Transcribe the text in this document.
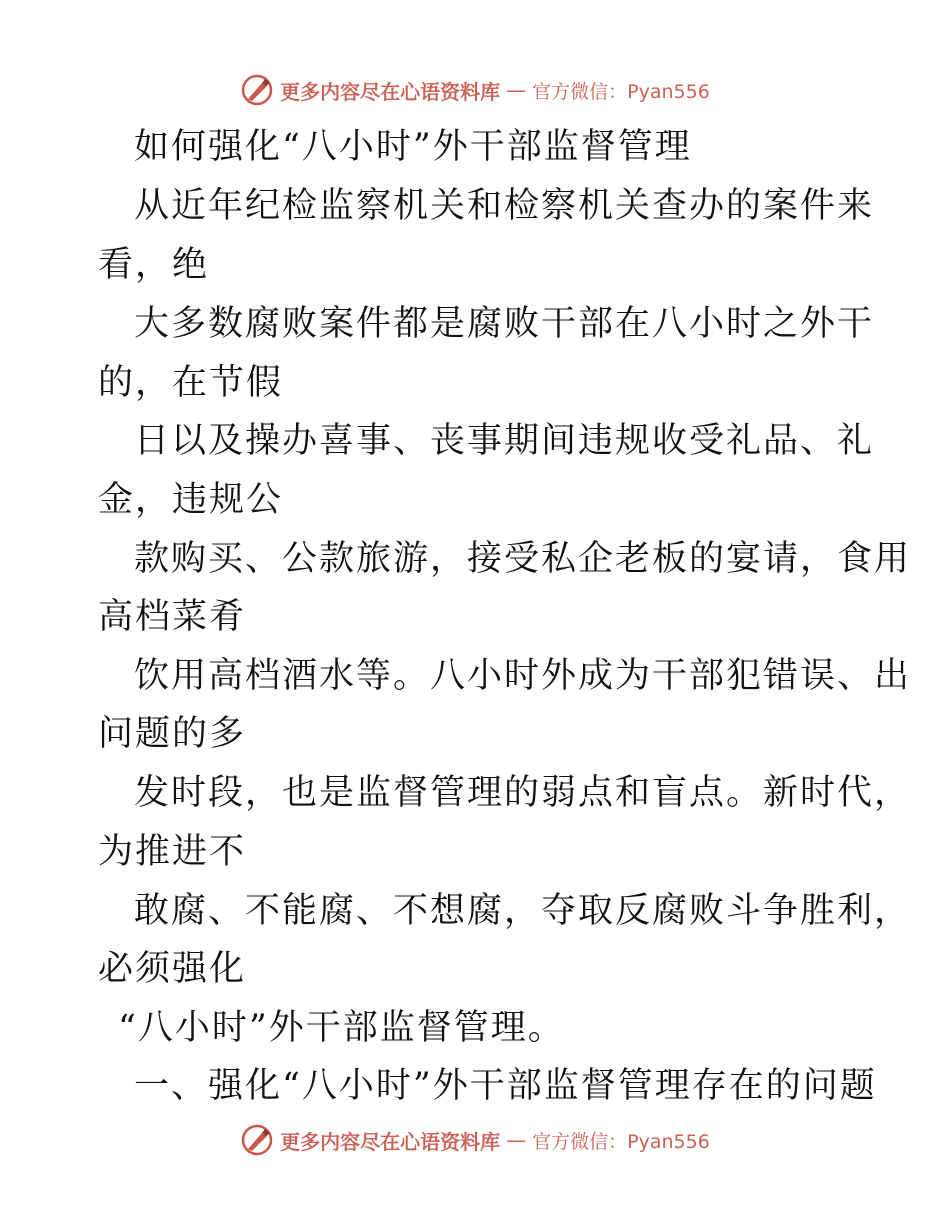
更多内容尽在心语资料库 — 官方微信：Pyan556
如何强化“八小时”外干部监督管理
从近年纪检监察机关和检察机关查办的案件来
看，绝
大多数腐败案件都是腐败干部在八小时之外干
的，在节假
日以及操办喜事、丧事期间违规收受礼品、礼
金，违规公
款购买、公款旅游，接受私企老板的宴请，食用
高档菜肴
饮用高档酒水等。八小时外成为干部犯错误、出
问题的多
发时段，也是监督管理的弱点和盲点。新时代，
为推进不
敢腐、不能腐、不想腐，夺取反腐败斗争胜利，
必须强化
“八小时”外干部监督管理。
一、强化“八小时”外干部监督管理存在的问题
更多内容尽在心语资料库 — 官方微信：Pyan556
